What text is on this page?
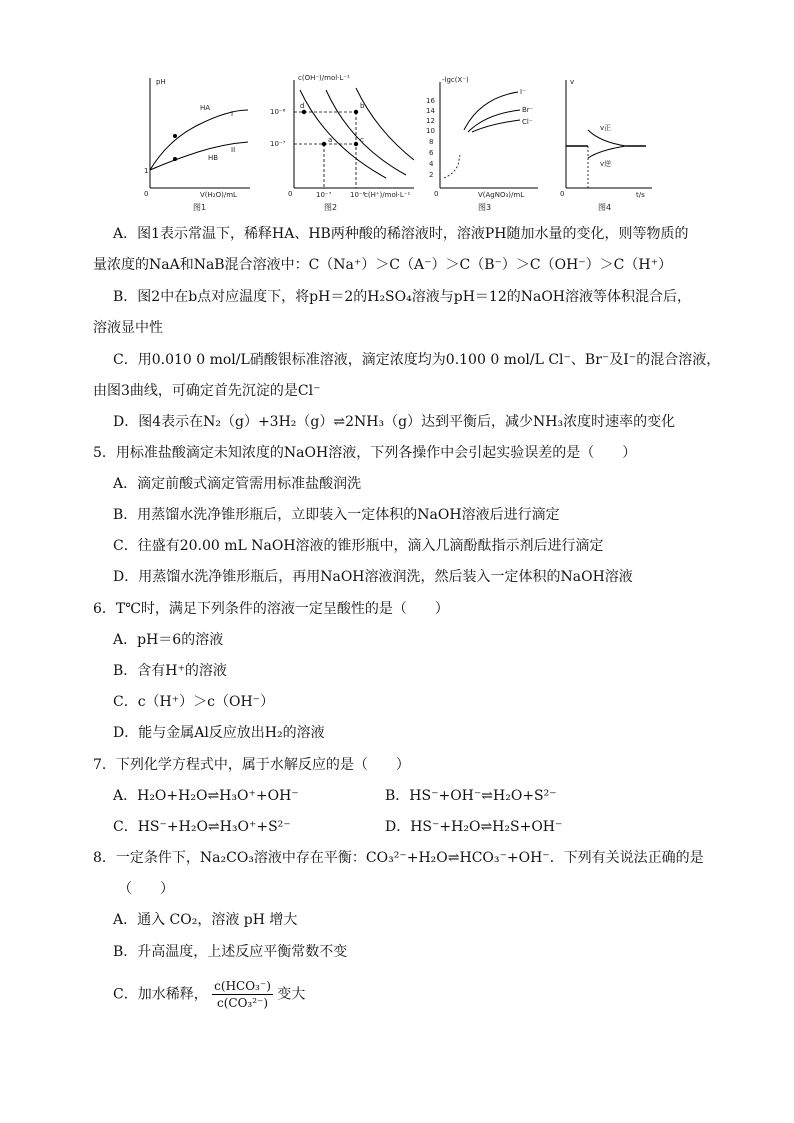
pH
HA
I
HB
II
1
0	V(H₂O)/mL
图1
c(OH⁻)/mol·L⁻¹
10⁻⁶
10⁻⁷
d	b
a	c
0	10⁻⁷	10⁻⁶
c(H⁺)/mol·L⁻¹
图2
-lgc(X⁻)
16
14
12
10
8
6
4
2
I⁻
Br⁻
Cl⁻
0	V(AgNO₃)/mL
图3
v
v正
v逆
0	t/s
图4
A．图1表示常温下，稀释HA、HB两种酸的稀溶液时，溶液PH随加水量的变化，则等物质的
量浓度的NaA和NaB混合溶液中：C（Na⁺）＞C（A⁻）＞C（B⁻）＞C（OH⁻）＞C（H⁺）
B．图2中在b点对应温度下，将pH＝2的H₂SO₄溶液与pH＝12的NaOH溶液等体积混合后，
溶液显中性
C．用0.010 0 mol/L硝酸银标准溶液，滴定浓度均为0.100 0 mol/L Cl⁻、Br⁻及I⁻的混合溶液，
由图3曲线，可确定首先沉淀的是Cl⁻
D．图4表示在N₂（g）+3H₂（g）⇌2NH₃（g）达到平衡后，减少NH₃浓度时速率的变化
5．用标准盐酸滴定未知浓度的NaOH溶液，下列各操作中会引起实验误差的是（　　）
A．滴定前酸式滴定管需用标准盐酸润洗
B．用蒸馏水洗净锥形瓶后，立即装入一定体积的NaOH溶液后进行滴定
C．往盛有20.00 mL NaOH溶液的锥形瓶中，滴入几滴酚酞指示剂后进行滴定
D．用蒸馏水洗净锥形瓶后，再用NaOH溶液润洗，然后装入一定体积的NaOH溶液
6．T℃时，满足下列条件的溶液一定呈酸性的是（　　）
A．pH＝6的溶液
B．含有H⁺的溶液
C．c（H⁺）＞c（OH⁻）
D．能与金属Al反应放出H₂的溶液
7．下列化学方程式中，属于水解反应的是（　　）
A．H₂O+H₂O⇌H₃O⁺+OH⁻	B．HS⁻+OH⁻⇌H₂O+S²⁻
C．HS⁻+H₂O⇌H₃O⁺+S²⁻	D．HS⁻+H₂O⇌H₂S+OH⁻
8．一定条件下，Na₂CO₃溶液中存在平衡：CO₃²⁻+H₂O⇌HCO₃⁻+OH⁻．下列有关说法正确的是
（　　）
A．通入 CO₂，溶液 pH 增大
B．升高温度，上述反应平衡常数不变
C．加水稀释，
c(HCO₃⁻)
c(CO₃²⁻)
变大
